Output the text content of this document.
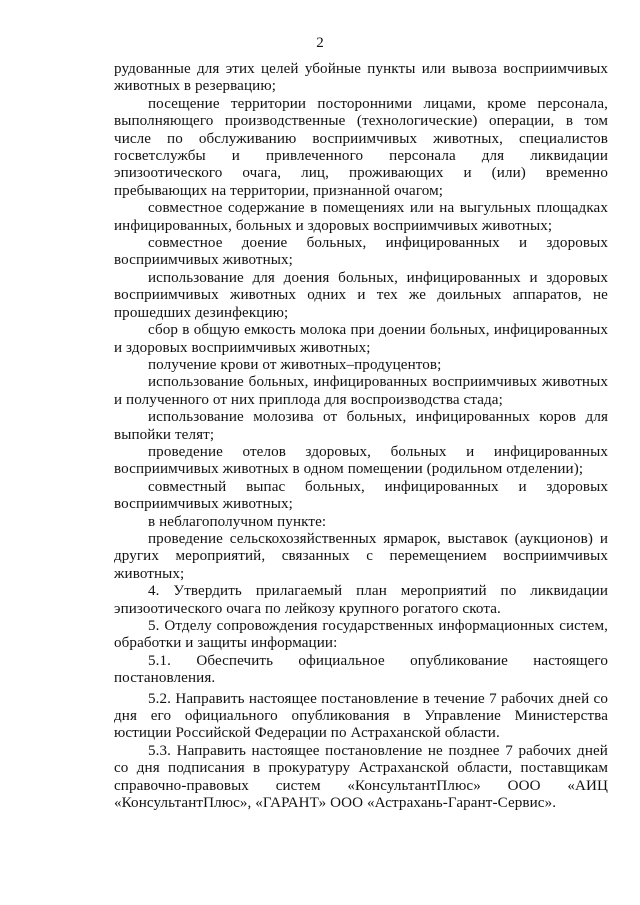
2

рудованные для этих целей убойные пункты или вывоза восприимчивых животных в резервацию;

посещение территории посторонними лицами, кроме персонала, выполняющего производственные (технологические) операции, в том числе по обслуживанию восприимчивых животных, специалистов госветслужбы и привлеченного персонала для ликвидации эпизоотического очага, лиц, проживающих и (или) временно пребывающих на территории, признанной очагом;

совместное содержание в помещениях или на выгульных площадках инфицированных, больных и здоровых восприимчивых животных;

совместное доение больных, инфицированных и здоровых восприимчивых животных;

использование для доения больных, инфицированных и здоровых восприимчивых животных одних и тех же доильных аппаратов, не прошедших дезинфекцию;

сбор в общую емкость молока при доении больных, инфицированных и здоровых восприимчивых животных;

получение крови от животных–продуцентов;

использование больных, инфицированных восприимчивых животных и полученного от них приплода для воспроизводства стада;

использование молозива от больных, инфицированных коров для выпойки телят;

проведение отелов здоровых, больных и инфицированных восприимчивых животных в одном помещении (родильном отделении);

совместный выпас больных, инфицированных и здоровых восприимчивых животных;

в неблагополучном пункте:

проведение сельскохозяйственных ярмарок, выставок (аукционов) и других мероприятий, связанных с перемещением восприимчивых животных;

4. Утвердить прилагаемый план мероприятий по ликвидации эпизоотического очага по лейкозу крупного рогатого скота.

5. Отделу сопровождения государственных информационных систем, обработки и защиты информации:

5.1. Обеспечить официальное опубликование настоящего постановления.

5.2. Направить настоящее постановление в течение 7 рабочих дней со дня его официального опубликования в Управление Министерства юстиции Российской Федерации по Астраханской области.

5.3. Направить настоящее постановление не позднее 7 рабочих дней со дня подписания в прокуратуру Астраханской области, поставщикам справочно-правовых систем «КонсультантПлюс» ООО «АИЦ «КонсультантПлюс», «ГАРАНТ» ООО «Астрахань-Гарант-Сервис».
